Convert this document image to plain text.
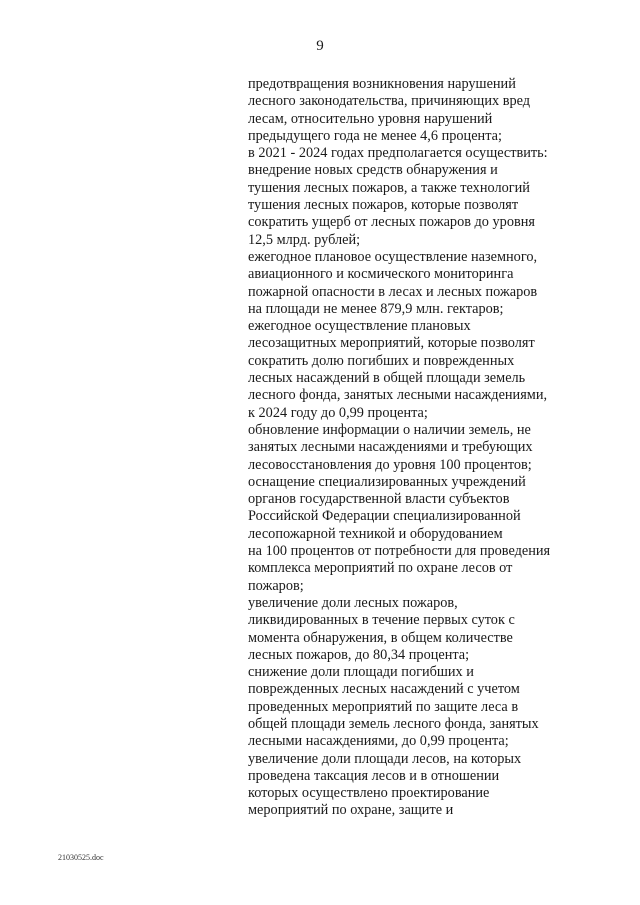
9
предотвращения возникновения нарушений
лесного законодательства, причиняющих вред
лесам, относительно уровня нарушений
предыдущего года не менее 4,6 процента;
в 2021 - 2024 годах предполагается осуществить:
внедрение новых средств обнаружения и
тушения лесных пожаров, а также технологий
тушения лесных пожаров, которые позволят
сократить ущерб от лесных пожаров до уровня
12,5 млрд. рублей;
ежегодное плановое осуществление наземного,
авиационного и космического мониторинга
пожарной опасности в лесах и лесных пожаров
на площади не менее 879,9 млн. гектаров;
ежегодное осуществление плановых
лесозащитных мероприятий, которые позволят
сократить долю погибших и поврежденных
лесных насаждений в общей площади земель
лесного фонда, занятых лесными насаждениями,
к 2024 году до 0,99 процента;
обновление информации о наличии земель, не
занятых лесными насаждениями и требующих
лесовосстановления до уровня 100 процентов;
оснащение специализированных учреждений
органов государственной власти субъектов
Российской Федерации специализированной
лесопожарной техникой и оборудованием
на 100 процентов от потребности для проведения
комплекса мероприятий по охране лесов от
пожаров;
увеличение доли лесных пожаров,
ликвидированных в течение первых суток с
момента обнаружения, в общем количестве
лесных пожаров, до 80,34 процента;
снижение доли площади погибших и
поврежденных лесных насаждений с учетом
проведенных мероприятий по защите леса в
общей площади земель лесного фонда, занятых
лесными насаждениями, до 0,99 процента;
увеличение доли площади лесов, на которых
проведена таксация лесов и в отношении
которых осуществлено проектирование
мероприятий по охране, защите и
21030525.doc
